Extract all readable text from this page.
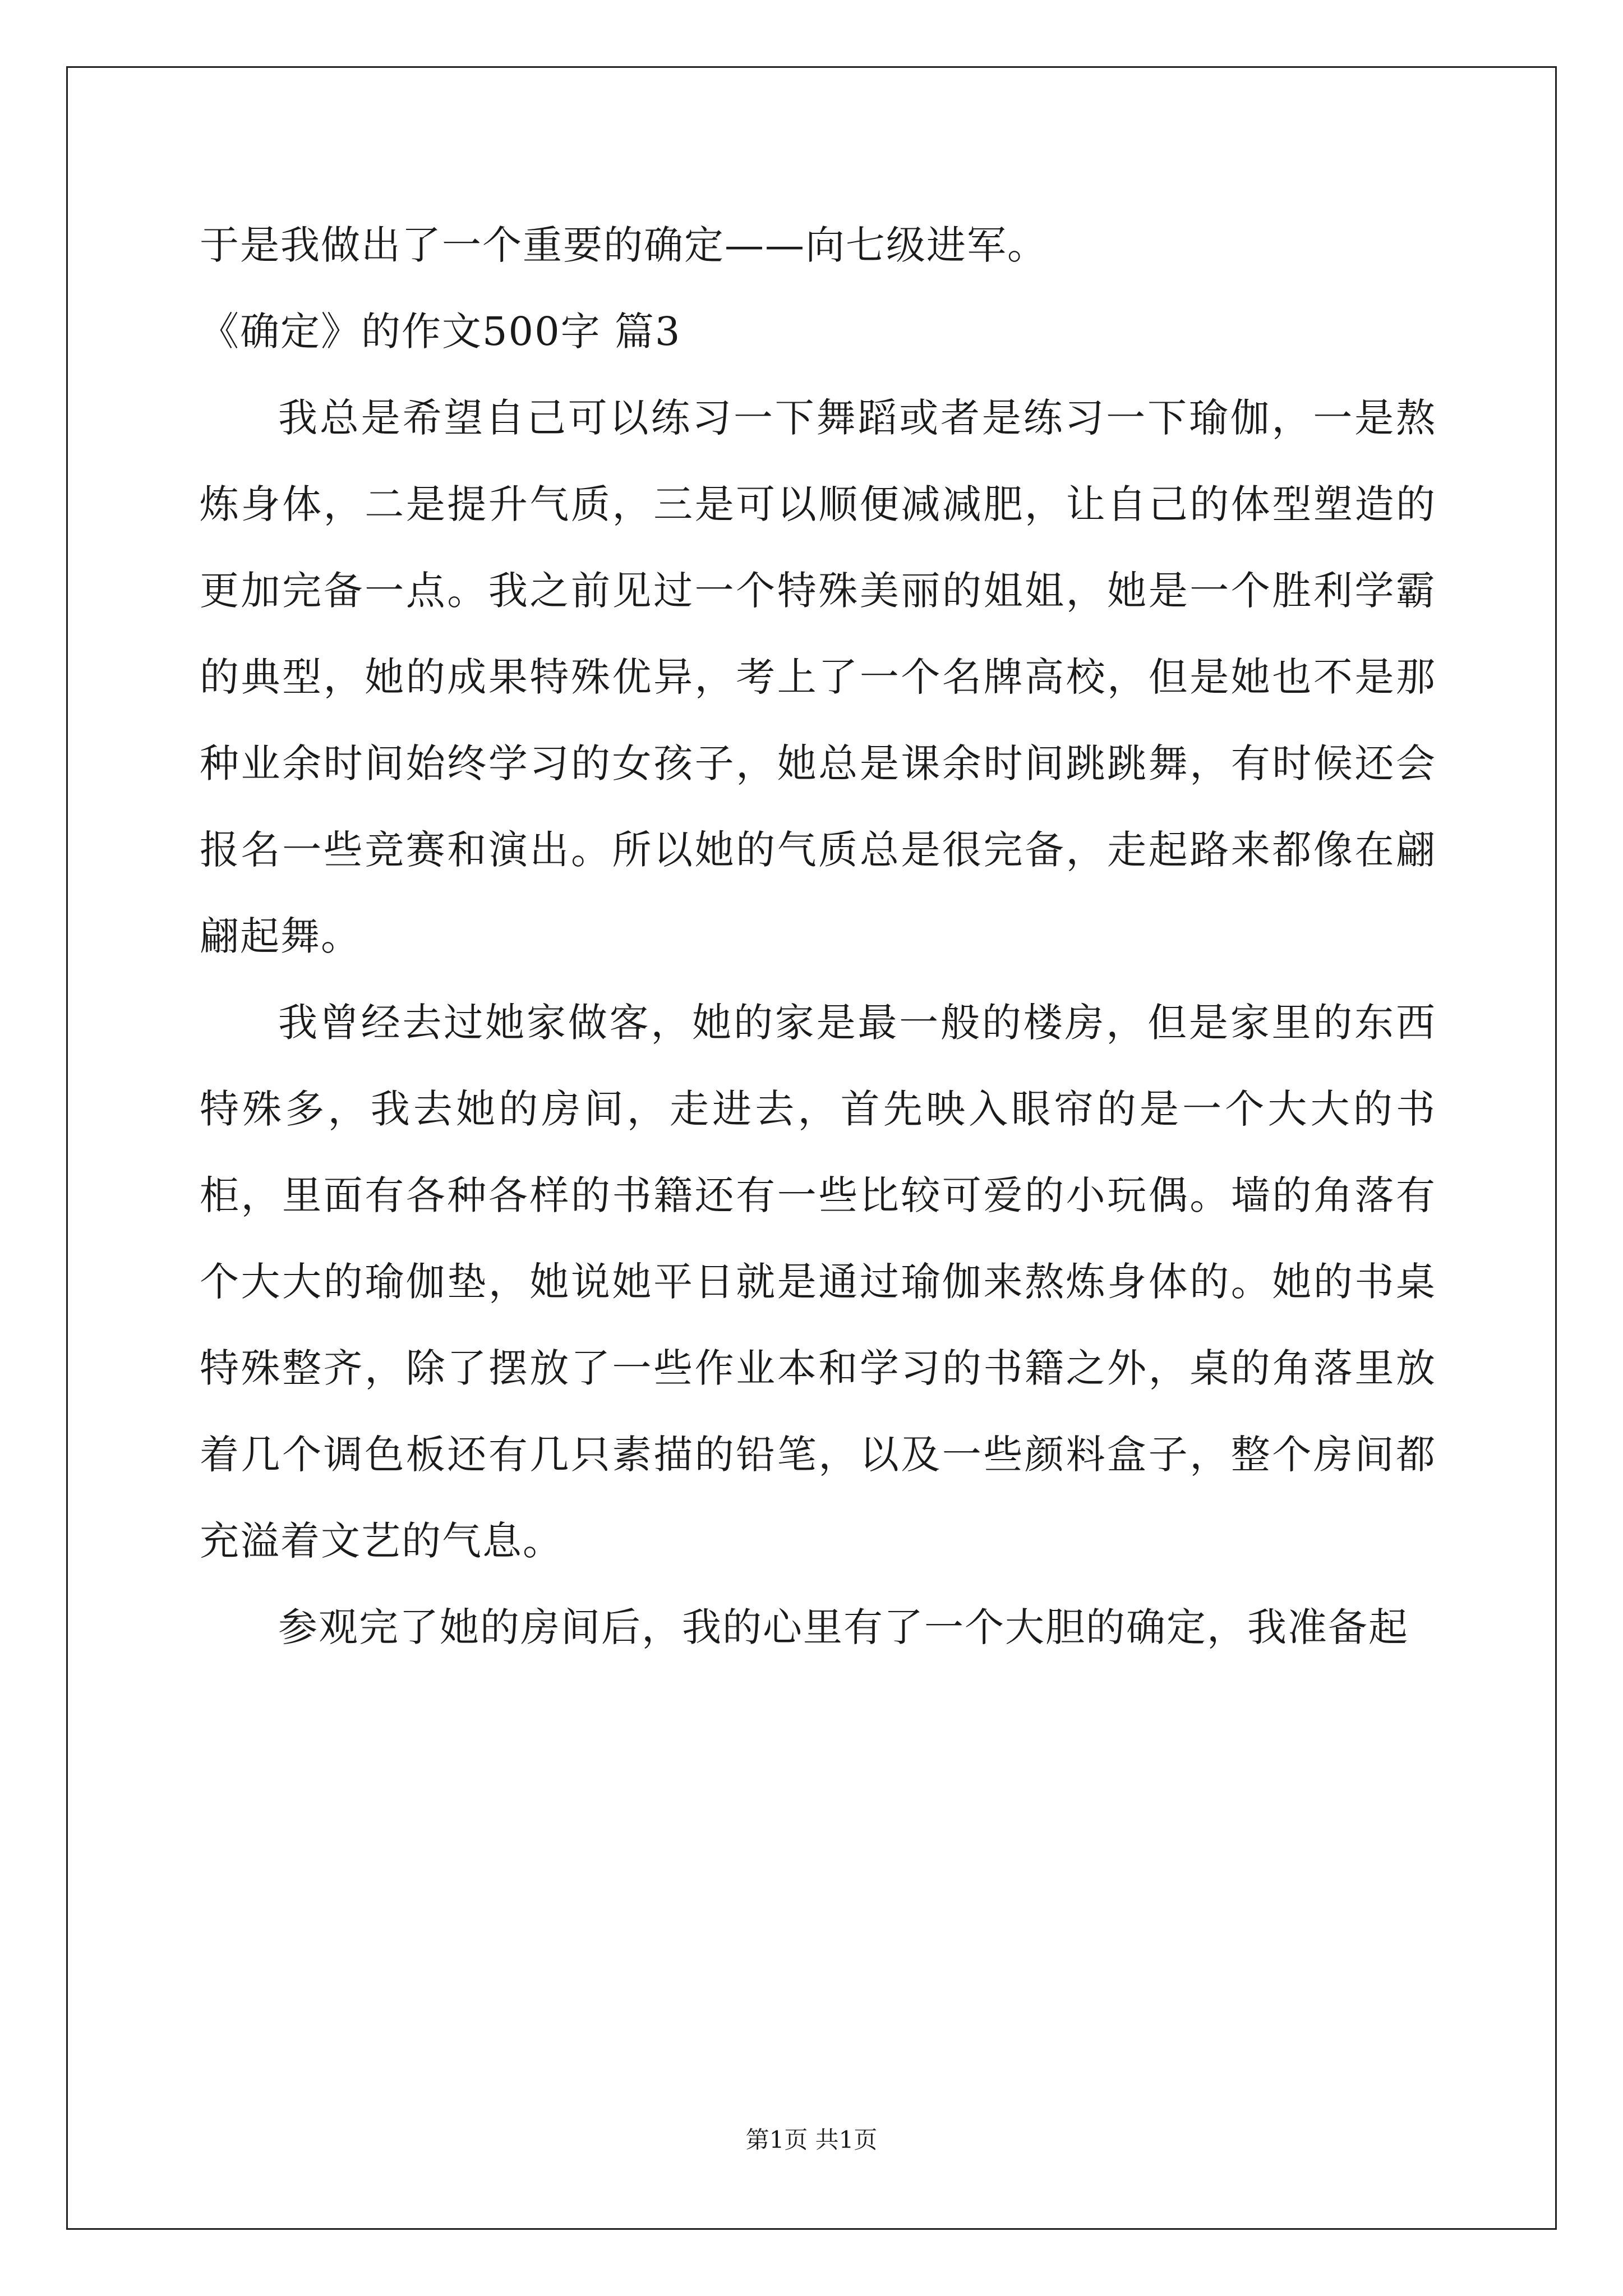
于是我做出了一个重要的确定——向七级进军。
《确定》的作文500字 篇3

我总是希望自己可以练习一下舞蹈或者是练习一下瑜伽，一是熬炼身体，二是提升气质，三是可以顺便减减肥，让自己的体型塑造的更加完备一点。我之前见过一个特殊美丽的姐姐，她是一个胜利学霸的典型，她的成果特殊优异，考上了一个名牌高校，但是她也不是那种业余时间始终学习的女孩子，她总是课余时间跳跳舞，有时候还会报名一些竞赛和演出。所以她的气质总是很完备，走起路来都像在翩翩起舞。

我曾经去过她家做客，她的家是最一般的楼房，但是家里的东西特殊多，我去她的房间，走进去，首先映入眼帘的是一个大大的书柜，里面有各种各样的书籍还有一些比较可爱的小玩偶。墙的角落有个大大的瑜伽垫，她说她平日就是通过瑜伽来熬炼身体的。她的书桌特殊整齐，除了摆放了一些作业本和学习的书籍之外，桌的角落里放着几个调色板还有几只素描的铅笔，以及一些颜料盒子，整个房间都充溢着文艺的气息。

参观完了她的房间后，我的心里有了一个大胆的确定，我准备起

第1页 共1页
